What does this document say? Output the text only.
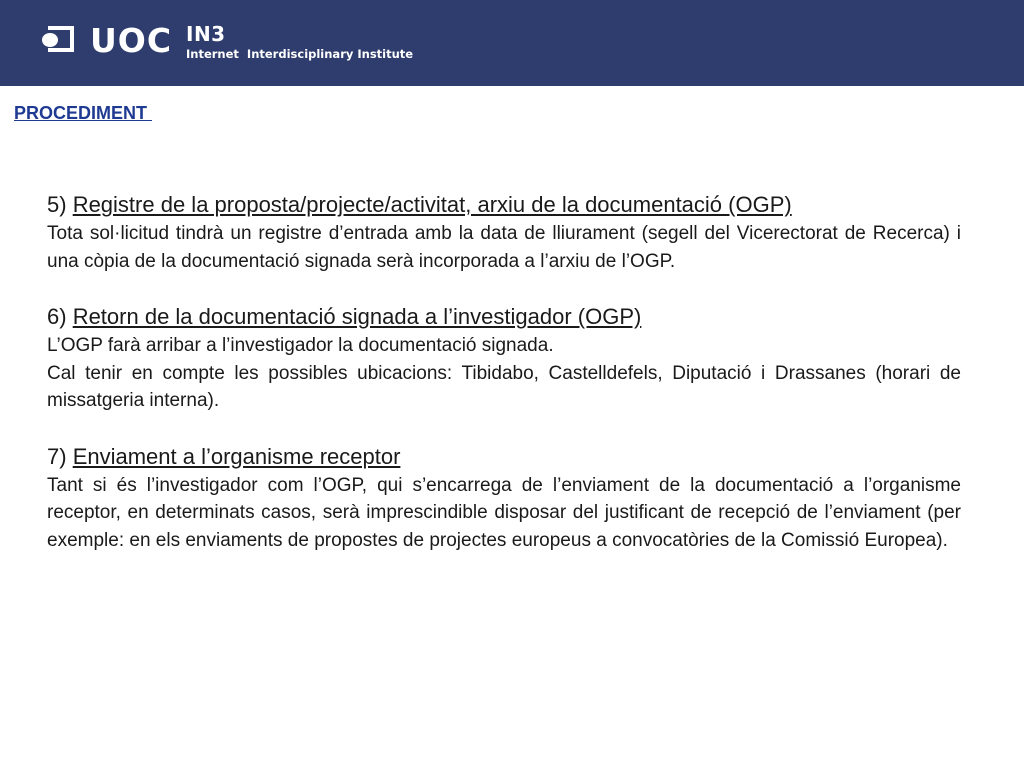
UOC IN3
Internet Interdisciplinary Institute
PROCEDIMENT
5) Registre de la proposta/projecte/activitat, arxiu de la documentació (OGP)

Tota sol·licitud tindrà un registre d’entrada amb la data de lliurament (segell del Vicerectorat de Recerca) i una còpia de la documentació signada serà incorporada a l’arxiu de l’OGP.

6) Retorn de la documentació signada a l’investigador (OGP)

L’OGP farà arribar a l’investigador la documentació signada.

Cal tenir en compte les possibles ubicacions: Tibidabo, Castelldefels, Diputació i Drassanes (horari de missatgeria interna).

7) Enviament a l’organisme receptor

Tant si és l’investigador com l’OGP, qui s’encarrega de l’enviament de la documentació a l’organisme receptor, en determinats casos, serà imprescindible disposar del justificant de recepció de l’enviament (per exemple: en els enviaments de propostes de projectes europeus a convocatòries de la Comissió Europea).
